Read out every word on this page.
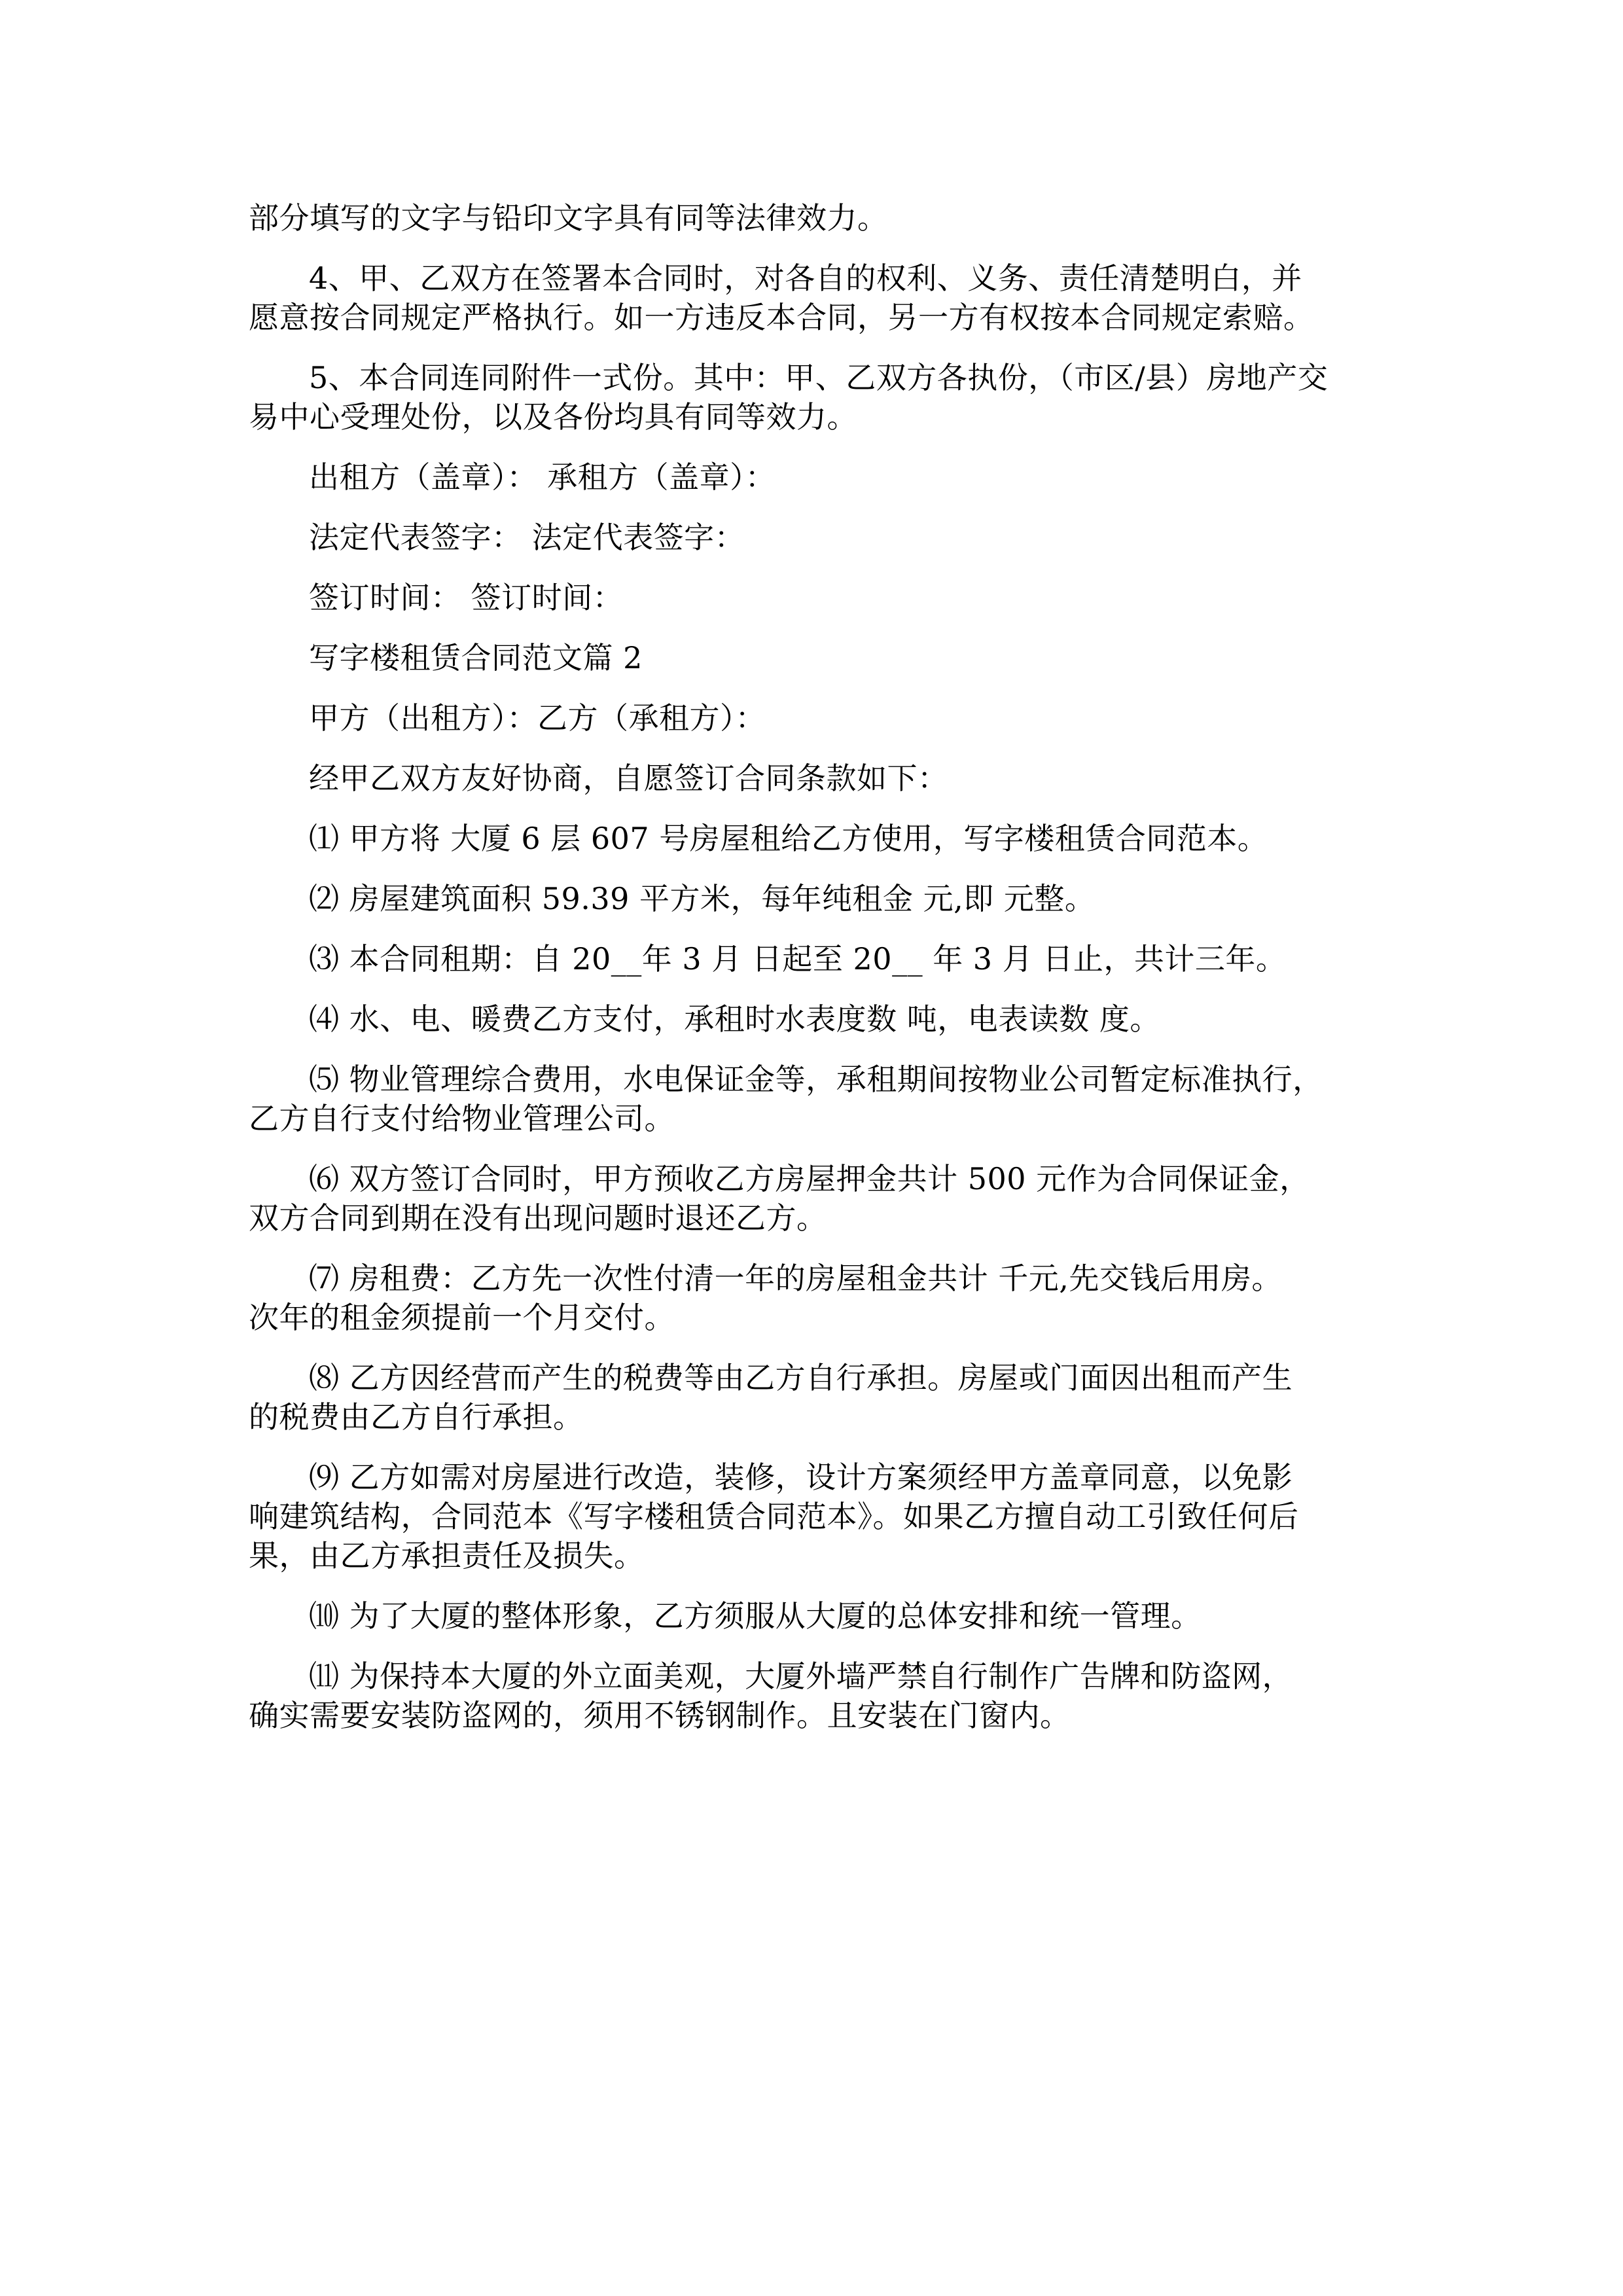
部分填写的文字与铅印文字具有同等法律效力。
4、甲、乙双方在签署本合同时，对各自的权利、义务、责任清楚明白，并
愿意按合同规定严格执行。如一方违反本合同，另一方有权按本合同规定索赔。
5、本合同连同附件一式份。其中：甲、乙双方各执份，（市区/县）房地产交
易中心受理处份，以及各份均具有同等效力。
出租方（盖章）： 承租方（盖章）：
法定代表签字： 法定代表签字：
签订时间： 签订时间：
写字楼租赁合同范文篇 2
甲方（出租方）：乙方（承租方）：
经甲乙双方友好协商，自愿签订合同条款如下：
⑴ 甲方将 大厦 6 层 607 号房屋租给乙方使用，写字楼租赁合同范本。
⑵ 房屋建筑面积 59.39 平方米，每年纯租金 元,即 元整。
⑶ 本合同租期：自 20__年 3 月 日起至 20__ 年 3 月 日止，共计三年。
⑷ 水、电、暖费乙方支付，承租时水表度数 吨，电表读数 度。
⑸ 物业管理综合费用，水电保证金等，承租期间按物业公司暂定标准执行，
乙方自行支付给物业管理公司。
⑹ 双方签订合同时，甲方预收乙方房屋押金共计 500 元作为合同保证金，
双方合同到期在没有出现问题时退还乙方。
⑺ 房租费：乙方先一次性付清一年的房屋租金共计 千元,先交钱后用房。
次年的租金须提前一个月交付。
⑻ 乙方因经营而产生的税费等由乙方自行承担。房屋或门面因出租而产生
的税费由乙方自行承担。
⑼ 乙方如需对房屋进行改造，装修，设计方案须经甲方盖章同意，以免影
响建筑结构，合同范本《写字楼租赁合同范本》。如果乙方擅自动工引致任何后
果，由乙方承担责任及损失。
⑽ 为了大厦的整体形象，乙方须服从大厦的总体安排和统一管理。
⑾ 为保持本大厦的外立面美观，大厦外墙严禁自行制作广告牌和防盗网，
确实需要安装防盗网的，须用不锈钢制作。且安装在门窗内。
